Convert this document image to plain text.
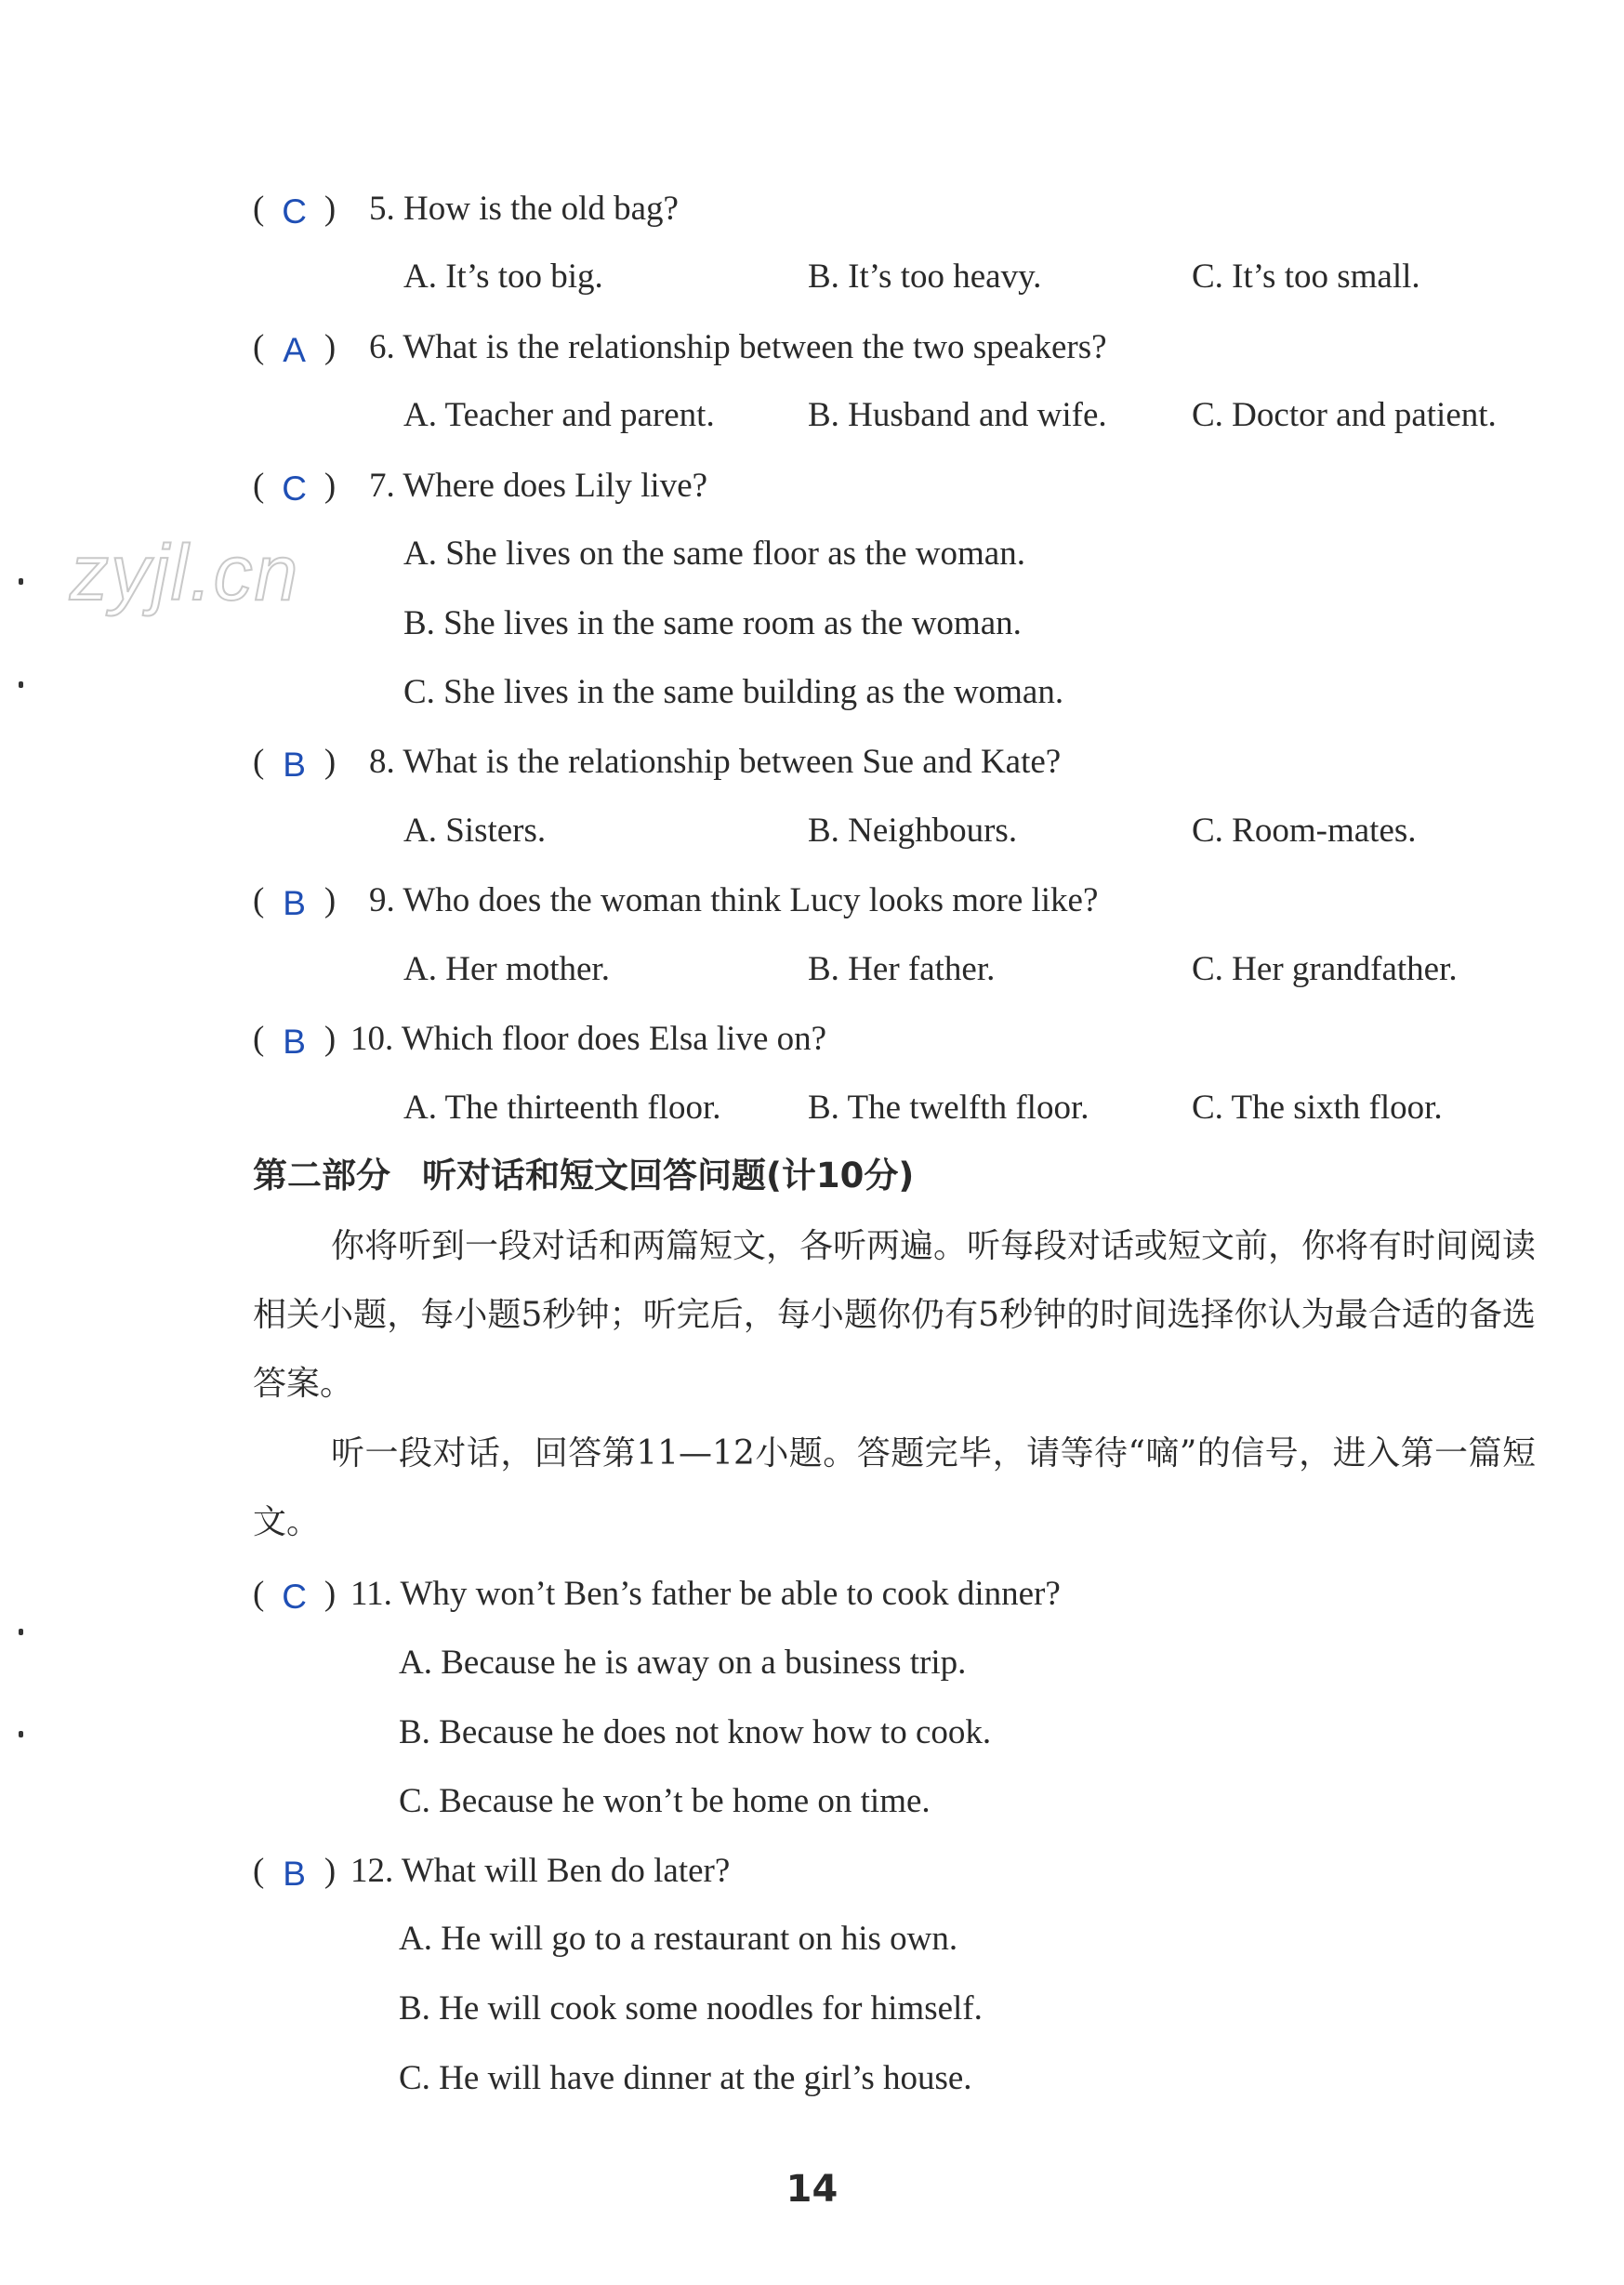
zyjl.cn
( C ) 5. How is the old bag?
A. It’s too big.	B. It’s too heavy.	C. It’s too small.
( A ) 6. What is the relationship between the two speakers?
A. Teacher and parent.	B. Husband and wife. C. Doctor and patient.
( C ) 7. Where does Lily live?
A. She lives on the same floor as the woman.
B. She lives in the same room as the woman.
C. She lives in the same building as the woman.
( B ) 8. What is the relationship between Sue and Kate?
A. Sisters.	B. Neighbours.	C. Room-mates.
( B ) 9. Who does the woman think Lucy looks more like?
A. Her mother.	B. Her father.	C. Her grandfather.
( B ) 10. Which floor does Elsa live on?
A. The thirteenth floor.	B. The twelfth floor.	C. The sixth floor.
第二部分 听对话和短文回答问题(计10分)
你将听到一段对话和两篇短文，各听两遍。听每段对话或短文前，你将有时间阅读相关小题，每小题5秒钟；听完后，每小题你仍有5秒钟的时间选择你认为最合适的备选答案。
听一段对话，回答第11—12小题。答题完毕，请等待“嘀”的信号，进入第一篇短文。
( C ) 11. Why won’t Ben’s father be able to cook dinner?
A. Because he is away on a business trip.
B. Because he does not know how to cook.
C. Because he won’t be home on time.
( B ) 12. What will Ben do later?
A. He will go to a restaurant on his own.
B. He will cook some noodles for himself.
C. He will have dinner at the girl’s house.
14
